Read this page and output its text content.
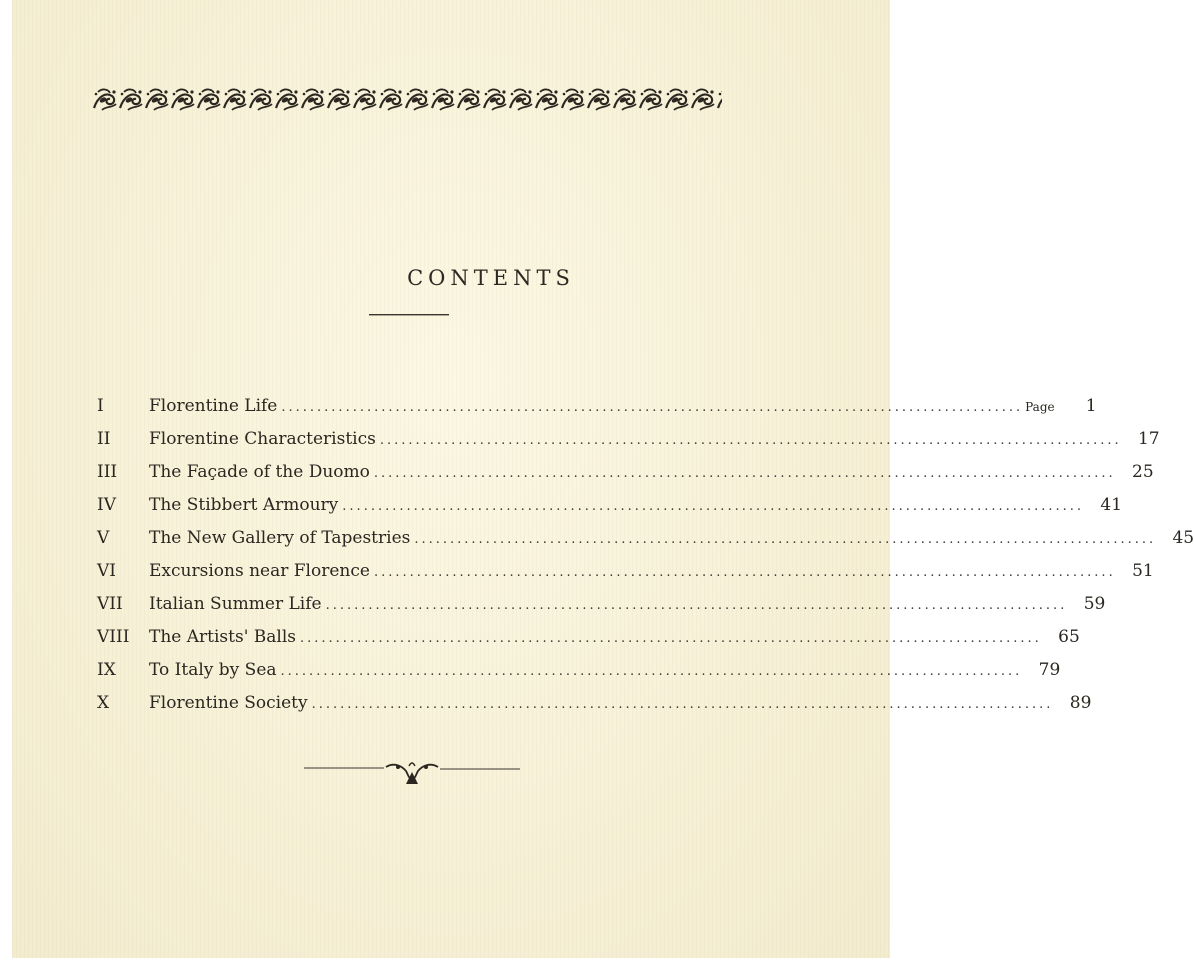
CONTENTS
I	Florentine Life ........................................................................................................ Page	1
II	Florentine Characteristics ........................................................................................................ 17
III	The Façade of the Duomo ........................................................................................................ 25
IV	The Stibbert Armoury ........................................................................................................ 41
V	The New Gallery of Tapestries ........................................................................................................ 45
VI	Excursions near Florence ........................................................................................................ 51
VII	Italian Summer Life ........................................................................................................ 59
VIII	The Artists' Balls ........................................................................................................ 65
IX	To Italy by Sea ........................................................................................................ 79
X	Florentine Society ........................................................................................................ 89
